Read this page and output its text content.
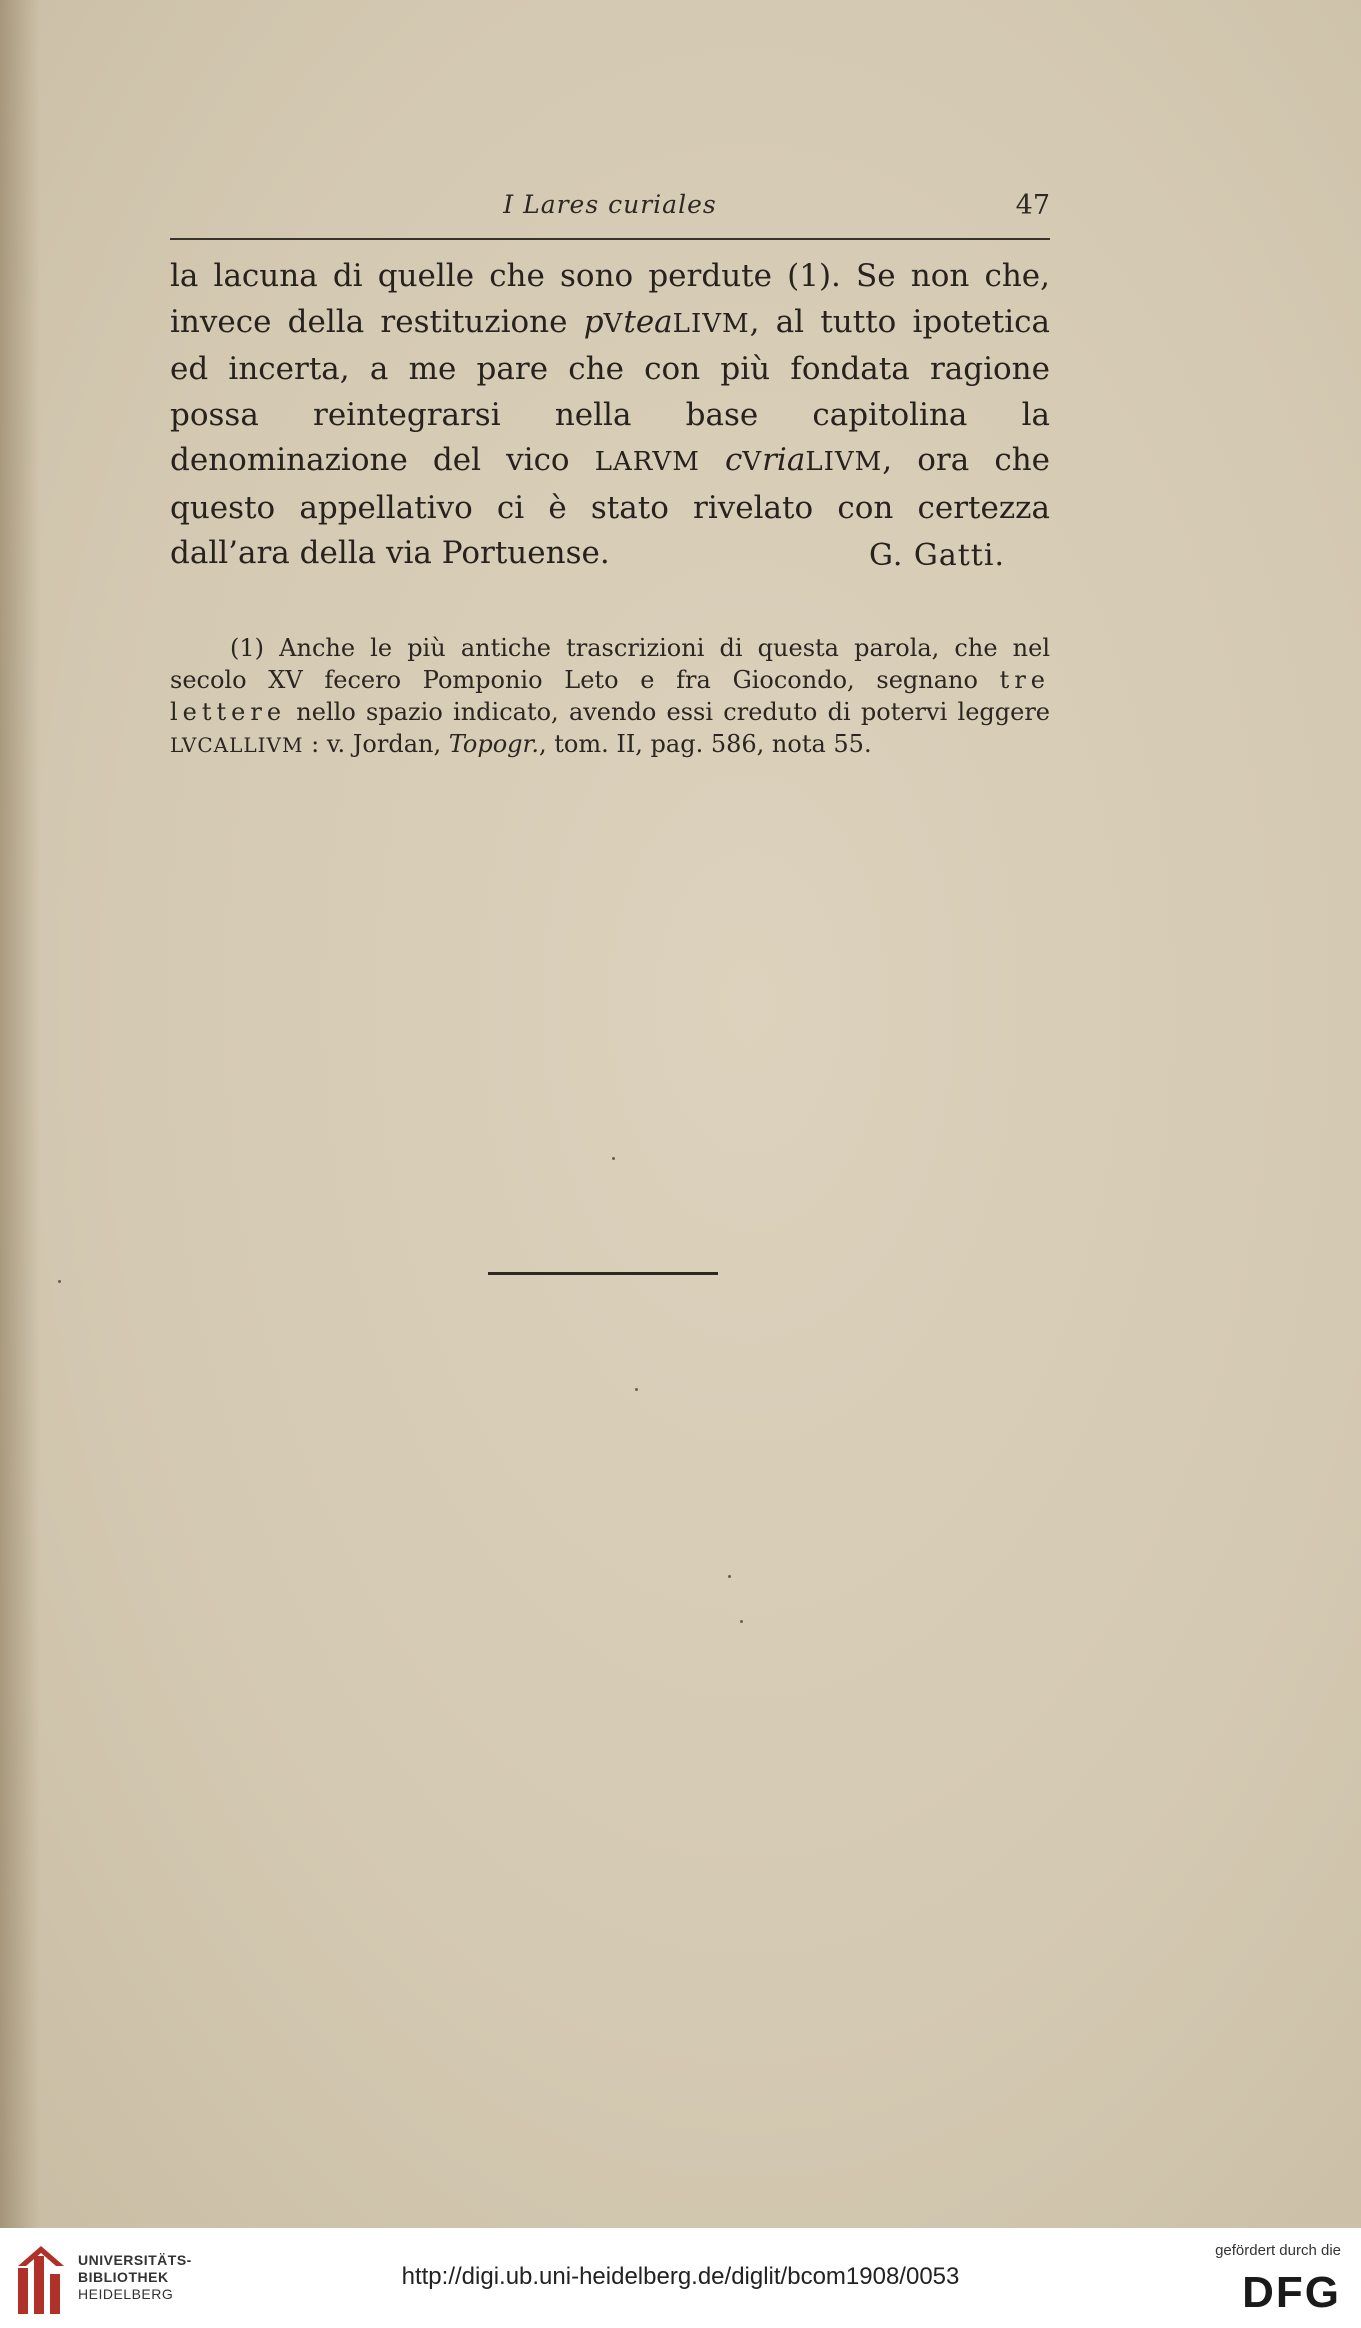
I Lares curiales	47

la lacuna di quelle che sono perdute (1). Se non che, invece della restituzione pVteaLIVM, al tutto ipotetica ed incerta, a me pare che con più fondata ragione possa reintegrarsi nella base capitolina la denominazione del vico LARVM cVriaLIVM, ora che questo appellativo ci è stato rivelato con certezza dall’ara della via Portuense.	G. Gatti.

(1) Anche le più antiche trascrizioni di questa parola, che nel secolo XV fecero Pomponio Leto e fra Giocondo, segnano tre lettere nello spazio indicato, avendo essi creduto di potervi leggere LVCALLIVM : v. Jordan, Topogr., tom. II, pag. 586, nota 55.

UNIVERSITÄTS-
BIBLIOTHEK
HEIDELBERG
http://digi.ub.uni-heidelberg.de/diglit/bcom1908/0053
gefördert durch die
DFG
